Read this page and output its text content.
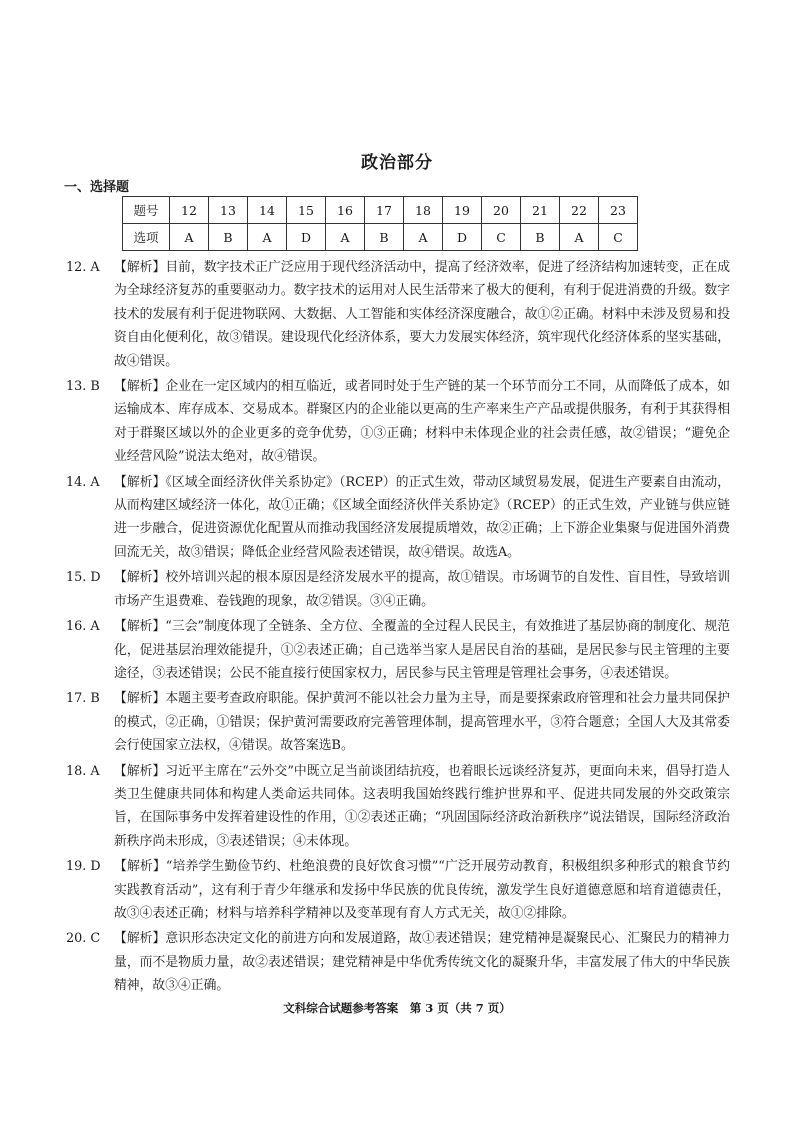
政治部分
一、选择题
题号	12	13	14	15	16	17	18	19	20	21	22	23
选项	A	B	A	D	A	B	A	D	C	B	A	C
12. A	【解析】目前，数字技术正广泛应用于现代经济活动中，提高了经济效率，促进了经济结构加速转变，正在成为全球经济复苏的重要驱动力。数字技术的运用对人民生活带来了极大的便利，有利于促进消费的升级。数字技术的发展有利于促进物联网、大数据、人工智能和实体经济深度融合，故①②正确。材料中未涉及贸易和投资自由化便利化，故③错误。建设现代化经济体系，要大力发展实体经济，筑牢现代化经济体系的坚实基础，故④错误。
13. B	【解析】企业在一定区域内的相互临近，或者同时处于生产链的某一个环节而分工不同，从而降低了成本，如运输成本、库存成本、交易成本。群聚区内的企业能以更高的生产率来生产产品或提供服务，有利于其获得相对于群聚区域以外的企业更多的竞争优势，①③正确；材料中未体现企业的社会责任感，故②错误；“避免企业经营风险”说法太绝对，故④错误。
14. A	【解析】《区域全面经济伙伴关系协定》（RCEP）的正式生效，带动区域贸易发展，促进生产要素自由流动，从而构建区域经济一体化，故①正确；《区域全面经济伙伴关系协定》（RCEP）的正式生效，产业链与供应链进一步融合，促进资源优化配置从而推动我国经济发展提质增效，故②正确；上下游企业集聚与促进国外消费回流无关，故③错误；降低企业经营风险表述错误，故④错误。故选A。
15. D	【解析】校外培训兴起的根本原因是经济发展水平的提高，故①错误。市场调节的自发性、盲目性，导致培训市场产生退费难、卷钱跑的现象，故②错误。③④正确。
16. A	【解析】“三会”制度体现了全链条、全方位、全覆盖的全过程人民民主，有效推进了基层协商的制度化、规范化，促进基层治理效能提升，①②表述正确；自己选举当家人是居民自治的基础，是居民参与民主管理的主要途径，③表述错误；公民不能直接行使国家权力，居民参与民主管理是管理社会事务，④表述错误。
17. B	【解析】本题主要考查政府职能。保护黄河不能以社会力量为主导，而是要探索政府管理和社会力量共同保护的模式，②正确，①错误；保护黄河需要政府完善管理体制，提高管理水平，③符合题意；全国人大及其常委会行使国家立法权，④错误。故答案选B。
18. A	【解析】习近平主席在“云外交”中既立足当前谈团结抗疫，也着眼长远谈经济复苏，更面向未来，倡导打造人类卫生健康共同体和构建人类命运共同体。这表明我国始终践行维护世界和平、促进共同发展的外交政策宗旨，在国际事务中发挥着建设性的作用，①②表述正确；“巩固国际经济政治新秩序”说法错误，国际经济政治新秩序尚未形成，③表述错误；④未体现。
19. D	【解析】“培养学生勤俭节约、杜绝浪费的良好饮食习惯”“广泛开展劳动教育，积极组织多种形式的粮食节约实践教育活动”，这有利于青少年继承和发扬中华民族的优良传统，激发学生良好道德意愿和培育道德责任，故③④表述正确；材料与培养科学精神以及变革现有育人方式无关，故①②排除。
20. C	【解析】意识形态决定文化的前进方向和发展道路，故①表述错误；建党精神是凝聚民心、汇聚民力的精神力量，而不是物质力量，故②表述错误；建党精神是中华优秀传统文化的凝聚升华，丰富发展了伟大的中华民族精神，故③④正确。
文科综合试题参考答案　第 3 页（共 7 页）
